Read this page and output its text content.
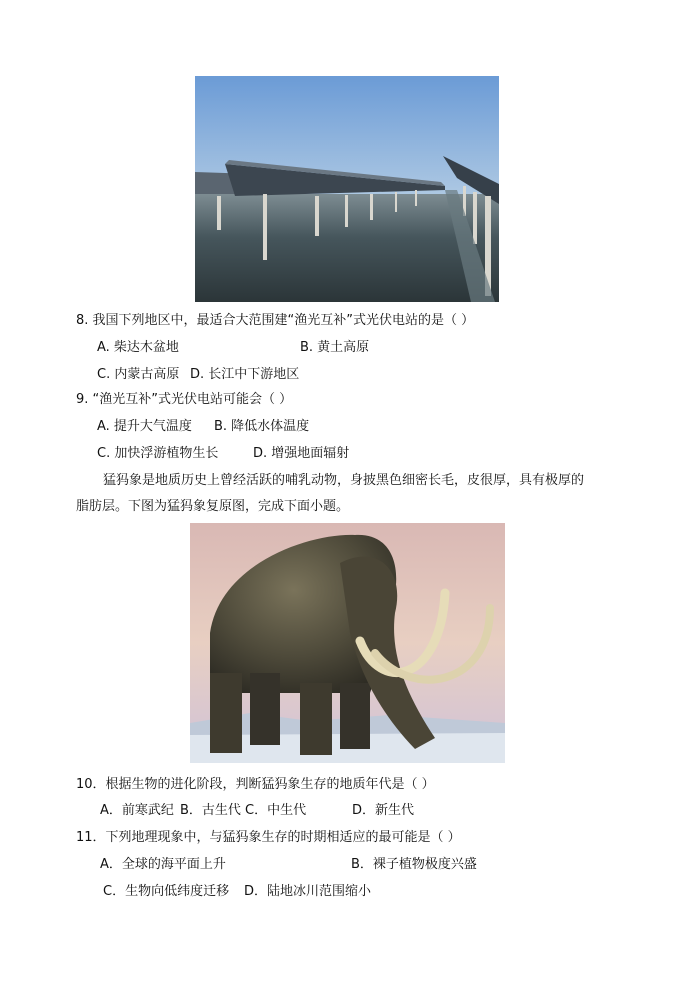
8. 我国下列地区中，最适合大范围建“渔光互补”式光伏电站的是（ ）
A. 柴达木盆地	B. 黄土高原
C. 内蒙古高原 D. 长江中下游地区
9. “渔光互补”式光伏电站可能会（ ）
A. 提升大气温度 B. 降低水体温度
C. 加快浮游植物生长	D. 增强地面辐射
猛犸象是地质历史上曾经活跃的哺乳动物，身披黑色细密长毛，皮很厚，具有极厚的
脂肪层。下图为猛犸象复原图，完成下面小题。
10．根据生物的进化阶段，判断猛犸象生存的地质年代是（ ）
A．前寒武纪 B．古生代 C．中生代	D．新生代
11．下列地理现象中，与猛犸象生存的时期相适应的最可能是（ ）
A．全球的海平面上升	B．裸子植物极度兴盛
C．生物向低纬度迁移 D．陆地冰川范围缩小
